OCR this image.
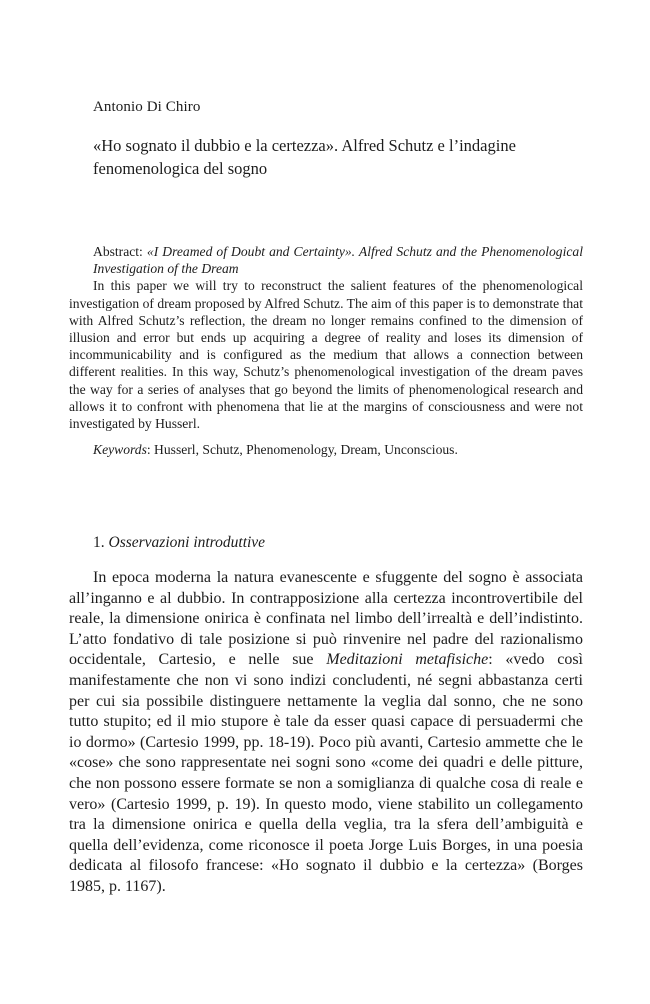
Antonio Di Chiro
«Ho sognato il dubbio e la certezza». Alfred Schutz e l’indagine fenomenologica del sogno

Abstract: «I Dreamed of Doubt and Certainty». Alfred Schutz and the Phenomenological Investigation of the Dream

In this paper we will try to reconstruct the salient features of the phenomenological investigation of dream proposed by Alfred Schutz. The aim of this paper is to demonstrate that with Alfred Schutz’s reflection, the dream no longer remains confined to the dimension of illusion and error but ends up acquiring a degree of reality and loses its dimension of incommunicability and is configured as the medium that allows a connection between different realities. In this way, Schutz’s phenomenological investigation of the dream paves the way for a series of analyses that go beyond the limits of phenomenological research and allows it to confront with phenomena that lie at the margins of consciousness and were not investigated by Husserl.

Keywords: Husserl, Schutz, Phenomenology, Dream, Unconscious.

1. Osservazioni introduttive

In epoca moderna la natura evanescente e sfuggente del sogno è associata all’inganno e al dubbio. In contrapposizione alla certezza incontrovertibile del reale, la dimensione onirica è confinata nel limbo dell’irrealtà e dell’indistinto. L’atto fondativo di tale posizione si può rinvenire nel padre del razionalismo occidentale, Cartesio, e nelle sue Meditazioni metafisiche: «vedo così manifestamente che non vi sono indizi concludenti, né segni abbastanza certi per cui sia possibile distinguere nettamente la veglia dal sonno, che ne sono tutto stupito; ed il mio stupore è tale da esser quasi capace di persuadermi che io dormo» (Cartesio 1999, pp. 18-19). Poco più avanti, Cartesio ammette che le «cose» che sono rappresentate nei sogni sono «come dei quadri e delle pitture, che non possono essere formate se non a somiglianza di qualche cosa di reale e vero» (Cartesio 1999, p. 19). In questo modo, viene stabilito un collegamento tra la dimensione onirica e quella della veglia, tra la sfera dell’ambiguità e quella dell’evidenza, come riconosce il poeta Jorge Luis Borges, in una poesia dedicata al filosofo francese: «Ho sognato il dubbio e la certezza» (Borges 1985, p. 1167).
